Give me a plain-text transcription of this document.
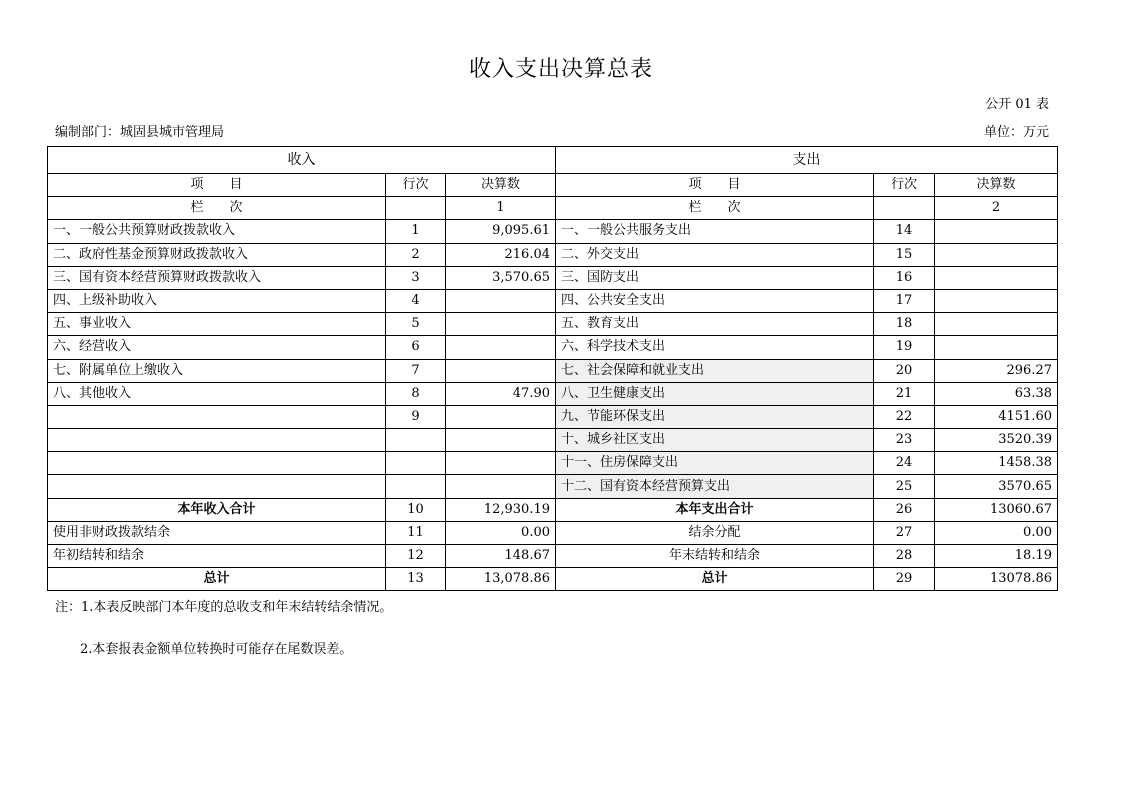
收入支出决算总表
公开 01 表
编制部门：城固县城市管理局	单位：万元
收入			支出		
项　　目	行次	决算数	项　　目	行次	决算数
栏　　次		1	栏　　次		2
一、一般公共预算财政拨款收入	1	9,095.61	一、一般公共服务支出	14	
二、政府性基金预算财政拨款收入	2	216.04	二、外交支出	15	
三、国有资本经营预算财政拨款收入	3	3,570.65	三、国防支出	16	
四、上级补助收入	4		四、公共安全支出	17	
五、事业收入	5		五、教育支出	18	
六、经营收入	6		六、科学技术支出	19	
七、附属单位上缴收入	7		七、社会保障和就业支出	20	296.27
八、其他收入	8	47.90	八、卫生健康支出	21	63.38
	9		九、节能环保支出	22	4151.60
			十、城乡社区支出	23	3520.39
			十一、住房保障支出	24	1458.38
			十二、国有资本经营预算支出	25	3570.65
本年收入合计	10	12,930.19	本年支出合计	26	13060.67
使用非财政拨款结余	11	0.00	结余分配	27	0.00
年初结转和结余	12	148.67	年末结转和结余	28	18.19
总计	13	13,078.86	总计	29	13078.86
注：1.本表反映部门本年度的总收支和年末结转结余情况。
2.本套报表金额单位转换时可能存在尾数误差。
